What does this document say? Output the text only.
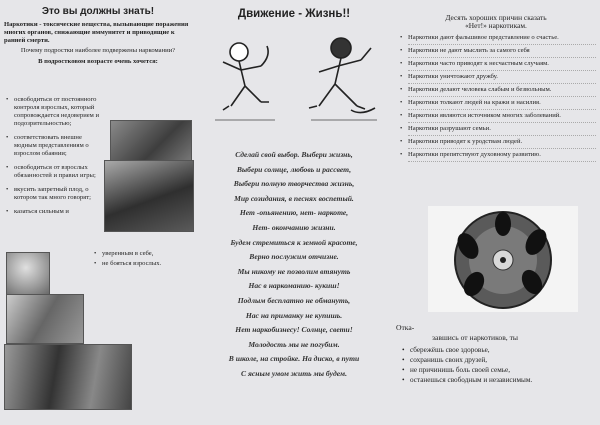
Это вы должны знать!
Наркотики - токсические вещества, вызывающие поражения многих органов, снижающие иммунитет и приводящие к ранней смерти.
Почему подростки наиболее подвержены наркомании?
В подростковом возрасте очень хочется:
• освободиться от постоянного контроля взрослых, который сопровождается недоверием и подозрительностью;
• соответствовать внешне модным представлениям о взрослом обаянии;
• освободиться от взрослых обязанностей и правил игры;
• вкусить запретный плод, о котором так много говорят;
• казаться сильным и
• уверенным в себе,
• не бояться взрослых.
Движение - Жизнь!!
Сделай свой выбор. Выбери жизнь,
Выбери солнце, любовь и рассвет,
Выбери полную творчества жизнь,
Мир созидания, в песнях воспетый.
Нет -опьянению, нет- наркоте,
Нет- окончанию жизни.
Будем стремиться к земной красоте,
Верно послужим отчизне.
Мы никому не позволим втянуть
Нас в наркоманию- кукиш!
Подлым бесплатно не обмануть,
Нас на приманку не купишь.
Нет наркобизнесу! Солнце, свети!
Молодость мы не погубим.
В школе, на стройке. На диско, в пути
С ясным умом жить мы будем.
Десять хороших причин сказать
«Нет!» наркотикам.
• Наркотики дают фальшивое представление о счастье.
• Наркотики не дают мыслить за самого себя
• Наркотики часто приводят к несчастным случаям.
• Наркотики уничтожают дружбу.
• Наркотики делают человека слабым и безвольным.
• Наркотики толкают людей на кражи и насилия.
• Наркотики являются источником многих заболеваний.
• Наркотики разрушают семьи.
• Наркотики приводят к уродствам людей.
• Наркотики препятствуют духовному развитию.
Отка-
завшись от наркотиков, ты
• сбережёшь свое здоровье,
• сохранишь своих друзей,
• не причинишь боль своей семье,
• останешься свободным и независимым.
